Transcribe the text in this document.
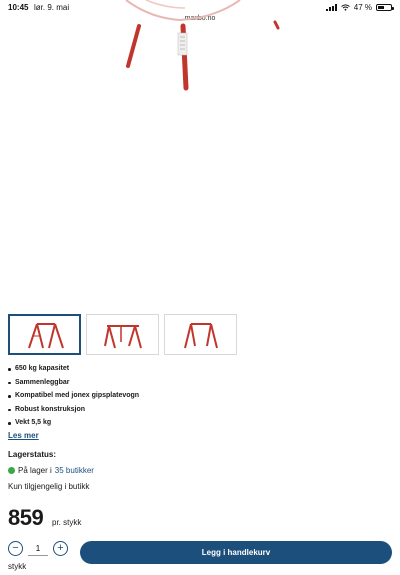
10:45 lør. 9. mai	47 %
maxbo.no
650 kg kapasitet
Sammenleggbar
Kompatibel med jonex gipsplatevogn
Robust konstruksjon
Vekt 5,5 kg
Les mer
Lagerstatus:
På lager i 35 butikker
Kun tilgjengelig i butikk
859 pr. stykk
−
1	+
stykk
Legg i handlekurv
